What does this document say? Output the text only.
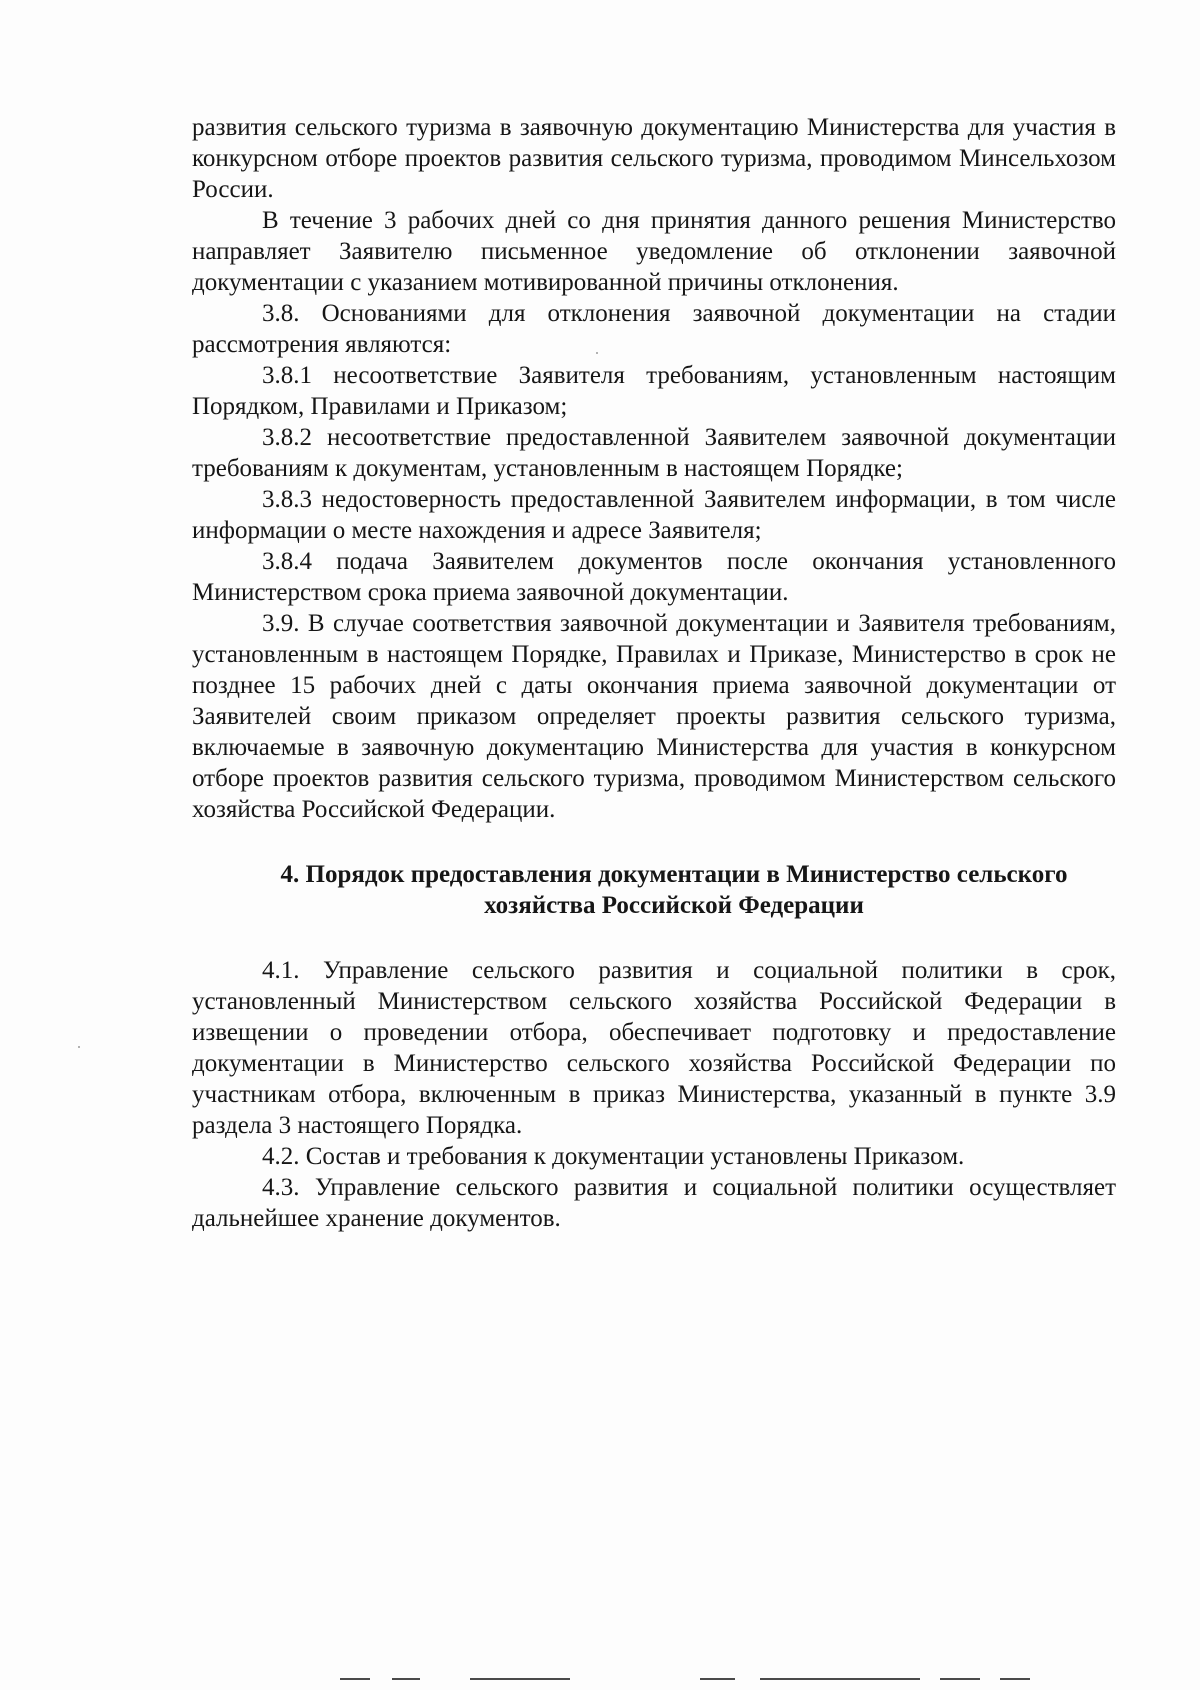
развития сельского туризма в заявочную документацию Министерства для участия в конкурсном отборе проектов развития сельского туризма, проводимом Минсельхозом России.

В течение 3 рабочих дней со дня принятия данного решения Министерство направляет Заявителю письменное уведомление об отклонении заявочной документации с указанием мотивированной причины отклонения.

3.8. Основаниями для отклонения заявочной документации на стадии рассмотрения являются:

3.8.1 несоответствие Заявителя требованиям, установленным настоящим Порядком, Правилами и Приказом;

3.8.2 несоответствие предоставленной Заявителем заявочной документации требованиям к документам, установленным в настоящем Порядке;

3.8.3 недостоверность предоставленной Заявителем информации, в том числе информации о месте нахождения и адресе Заявителя;

3.8.4 подача Заявителем документов после окончания установленного Министерством срока приема заявочной документации.

3.9. В случае соответствия заявочной документации и Заявителя требованиям, установленным в настоящем Порядке, Правилах и Приказе, Министерство в срок не позднее 15 рабочих дней с даты окончания приема заявочной документации от Заявителей своим приказом определяет проекты развития сельского туризма, включаемые в заявочную документацию Министерства для участия в конкурсном отборе проектов развития сельского туризма, проводимом Министерством сельского хозяйства Российской Федерации.

4. Порядок предоставления документации в Министерство сельского
хозяйства Российской Федерации

4.1. Управление сельского развития и социальной политики в срок, установленный Министерством сельского хозяйства Российской Федерации в извещении о проведении отбора, обеспечивает подготовку и предоставление документации в Министерство сельского хозяйства Российской Федерации по участникам отбора, включенным в приказ Министерства, указанный в пункте 3.9 раздела 3 настоящего Порядка.

4.2. Состав и требования к документации установлены Приказом.

4.3. Управление сельского развития и социальной политики осуществляет дальнейшее хранение документов.
